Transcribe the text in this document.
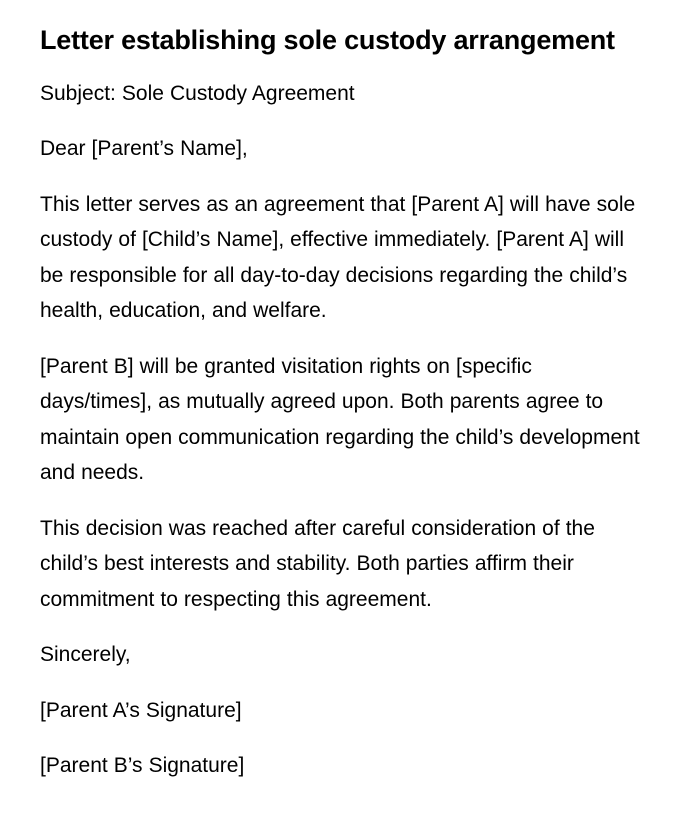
Letter establishing sole custody arrangement

Subject: Sole Custody Agreement

Dear [Parent’s Name],

This letter serves as an agreement that [Parent A] will have sole custody of [Child’s Name], effective immediately. [Parent A] will be responsible for all day-to-day decisions regarding the child’s health, education, and welfare.

[Parent B] will be granted visitation rights on [specific days/times], as mutually agreed upon. Both parents agree to maintain open communication regarding the child’s development and needs.

This decision was reached after careful consideration of the child’s best interests and stability. Both parties affirm their commitment to respecting this agreement.

Sincerely,

[Parent A’s Signature]

[Parent B’s Signature]
